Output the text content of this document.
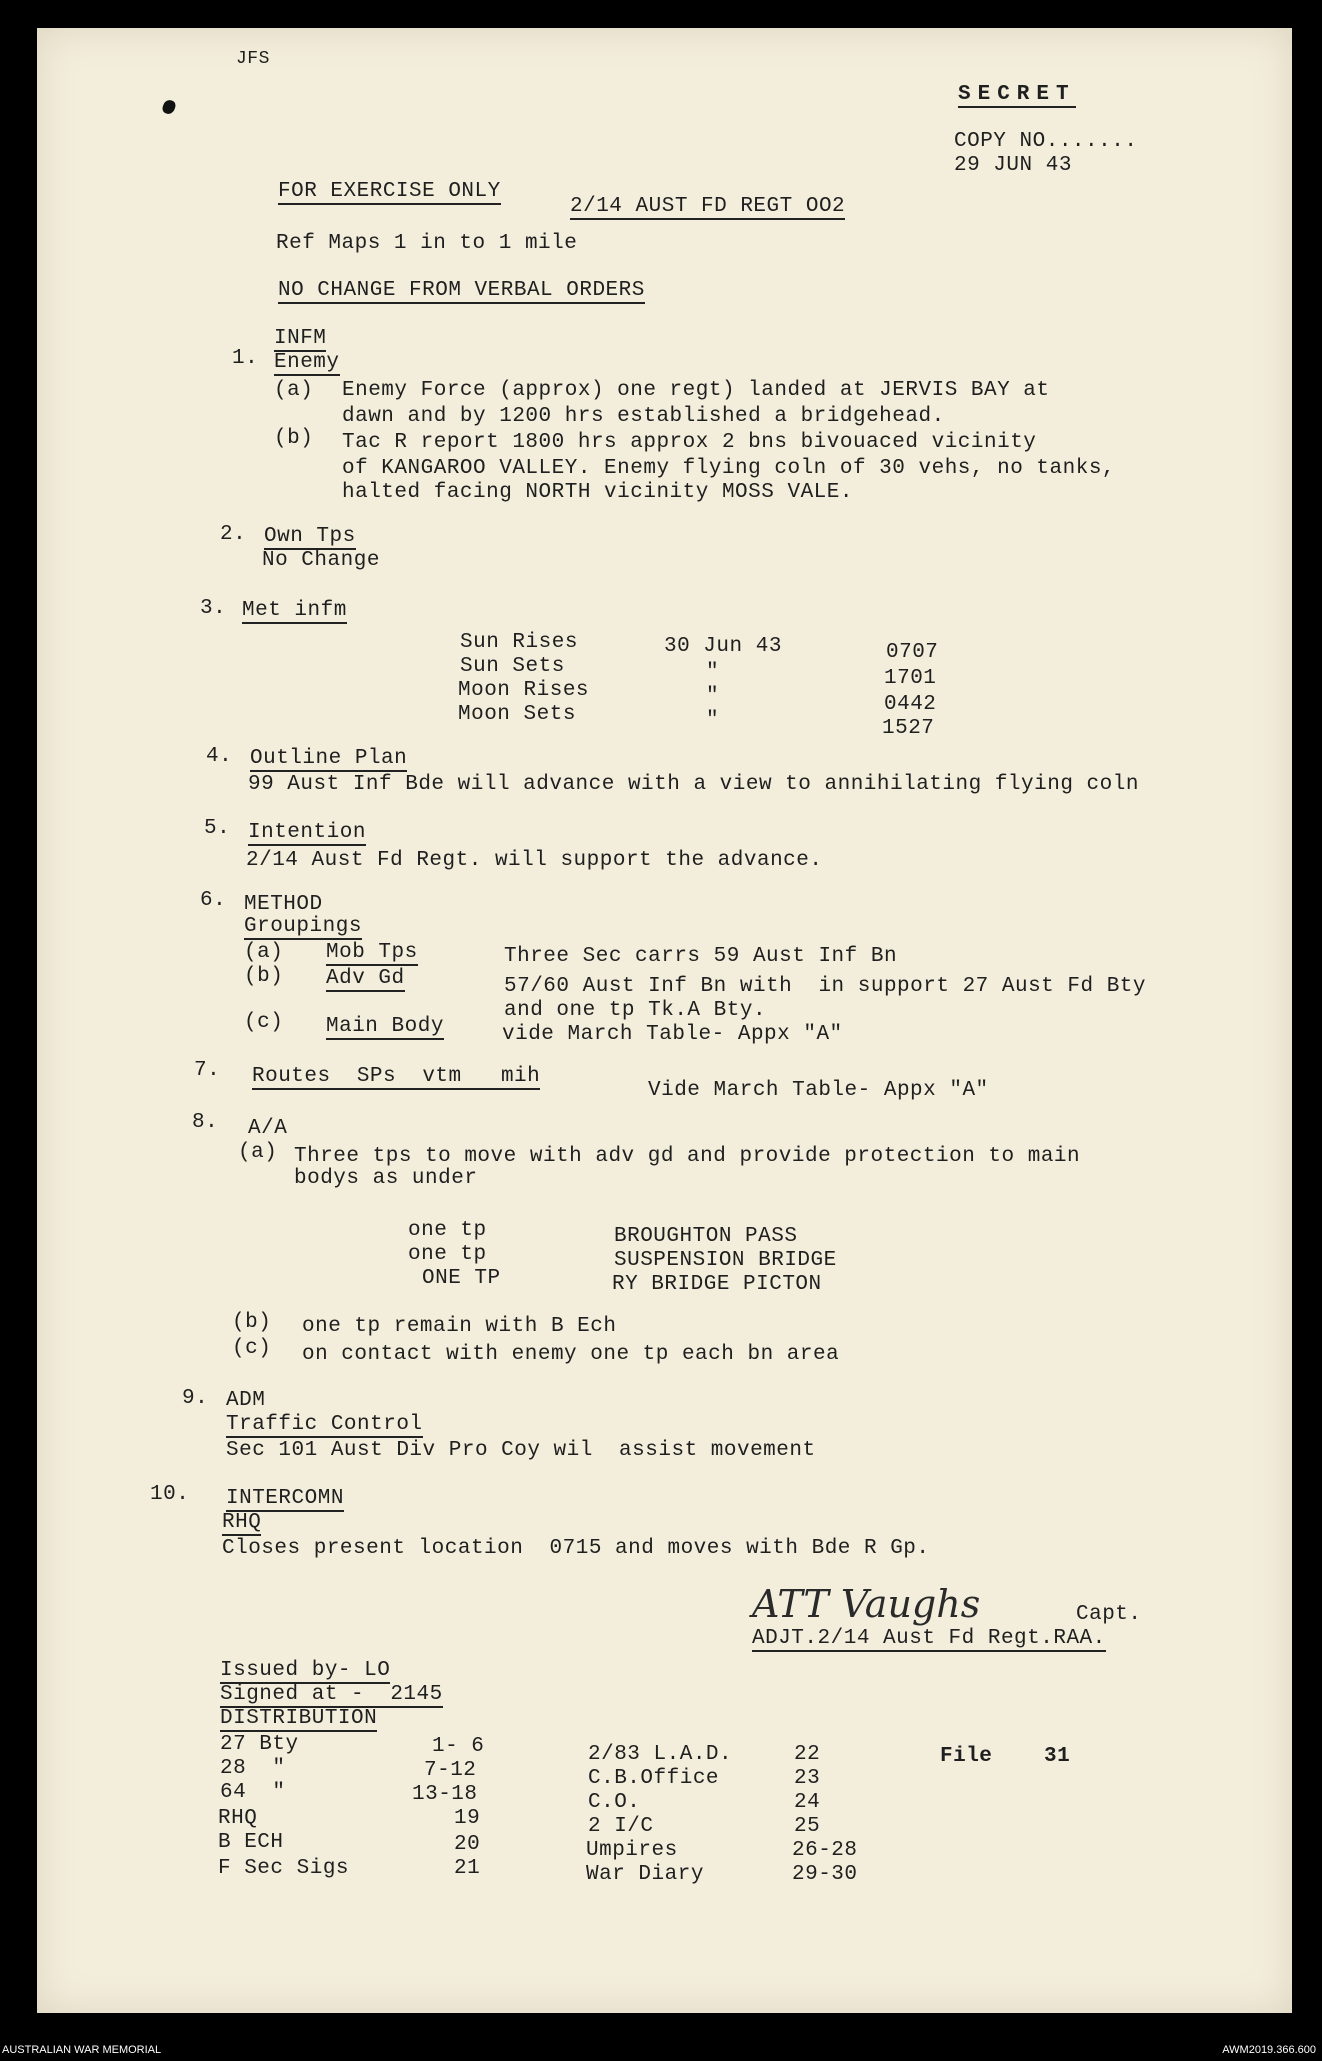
JFS
SECRET
COPY NO.......
29 JUN 43
FOR EXERCISE ONLY
2/14 AUST FD REGT OO2
Ref Maps 1 in to 1 mile
NO CHANGE FROM VERBAL ORDERS
INFM
1. Enemy
(a) Enemy Force (approx) one regt) landed at JERVIS BAY at
dawn and by 1200 hrs established a bridgehead.
(b) Tac R report 1800 hrs approx 2 bns bivouaced vicinity
of KANGAROO VALLEY. Enemy flying coln of 30 vehs, no tanks,
halted facing NORTH vicinity MOSS VALE.
2. Own Tps
No Change
3. Met infm
Sun Rises	30 Jun 43	0707
Sun Sets	"	1701
Moon Rises	"	0442
Moon Sets	"	1527
4. Outline Plan
99 Aust Inf Bde will advance with a view to annihilating flying coln
5. Intention
2/14 Aust Fd Regt. will support the advance.
6. METHOD
Groupings
(a) Mob Tps	Three Sec carrs 59 Aust Inf Bn
(b) Adv Gd	57/60 Aust Inf Bn with  in support 27 Aust Fd Bty
and one tp Tk.A Bty.
(c) Main Body	vide March Table- Appx "A"
7. Routes  SPs  vtm   mih
Vide March Table- Appx "A"
8. A/A
(a) Three tps to move with adv gd and provide protection to main
bodys as under
one tp	BROUGHTON PASS
one tp	SUSPENSION BRIDGE
ONE TP	RY BRIDGE PICTON
(b) one tp remain with B Ech
(c) on contact with enemy one tp each bn area
9. ADM
Traffic Control
Sec 101 Aust Div Pro Coy wil  assist movement
10. INTERCOMN
RHQ
Closes present location  0715 and moves with Bde R Gp.
ATT Vaughs	Capt.
ADJT.2/14 Aust Fd Regt.RAA.
Issued by- LO
Signed at -  2145
DISTRIBUTION
27 Bty	1- 6
28  "	7-12
64  "	13-18
RHQ	19
B ECH	20
F Sec Sigs	21
2/83 L.A.D.	22
C.B.Office	23
C.O.	24
2 I/C	25
Umpires	26-28
War Diary	29-30
File 31
AUSTRALIAN WAR MEMORIAL	AWM2019.366.600
